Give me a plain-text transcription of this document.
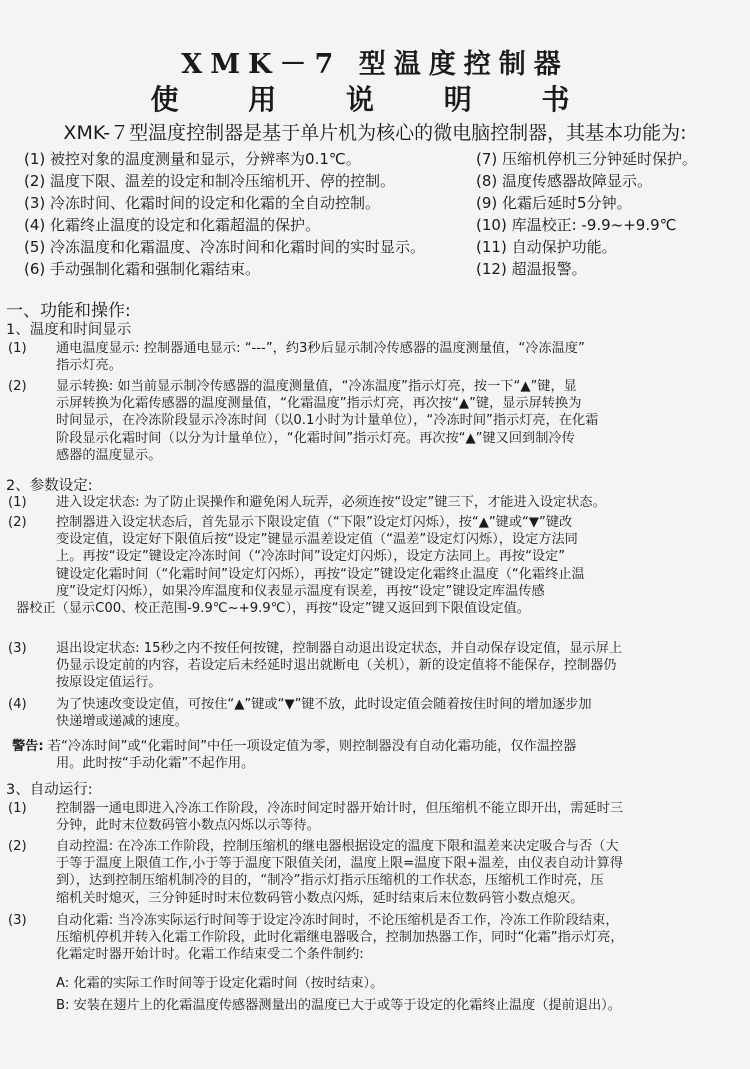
XMK－7 型温度控制器
使 用 说 明 书
XMK-７型温度控制器是基于单片机为核心的微电脑控制器，其基本功能为:
(1) 被控对象的温度测量和显示，分辨率为0.1℃。
(2) 温度下限、温差的设定和制冷压缩机开、停的控制。
(3) 冷冻时间、化霜时间的设定和化霜的全自动控制。
(4) 化霜终止温度的设定和化霜超温的保护。
(5) 冷冻温度和化霜温度、冷冻时间和化霜时间的实时显示。
(6) 手动强制化霜和强制化霜结束。
(7) 压缩机停机三分钟延时保护。
(8) 温度传感器故障显示。
(9) 化霜后延时5分钟。
(10) 库温校正: -9.9~+9.9℃
(11) 自动保护功能。
(12) 超温报警。
一、功能和操作:
1、温度和时间显示
(1) 通电温度显示: 控制器通电显示: “---”，约3秒后显示制冷传感器的温度测量值，“冷冻温度”
指示灯亮。
(2) 显示转换: 如当前显示制冷传感器的温度测量值，“冷冻温度”指示灯亮，按一下“▲”键，显
示屏转换为化霜传感器的温度测量值，“化霜温度”指示灯亮，再次按“▲”键，显示屏转换为
时间显示，在冷冻阶段显示冷冻时间（以0.1小时为计量单位），“冷冻时间”指示灯亮，在化霜
阶段显示化霜时间（以分为计量单位），“化霜时间”指示灯亮。再次按“▲”键又回到制冷传
感器的温度显示。
2、参数设定:
(1) 进入设定状态: 为了防止误操作和避免闲人玩弄，必须连按“设定”键三下，才能进入设定状态。
(2) 控制器进入设定状态后，首先显示下限设定值（“下限”设定灯闪烁），按“▲”键或“▼”键改
变设定值，设定好下限值后按“设定”键显示温差设定值（“温差”设定灯闪烁），设定方法同
上。再按“设定”键设定冷冻时间（“冷冻时间”设定灯闪烁），设定方法同上。再按“设定”
键设定化霜时间（“化霜时间”设定灯闪烁），再按“设定”键设定化霜终止温度（“化霜终止温
度”设定灯闪烁），如果冷库温度和仪表显示温度有误差，再按“设定”键设定库温传感
器校正（显示C00、校正范围-9.9℃~+9.9℃），再按“设定”键又返回到下限值设定值。
(3) 退出设定状态: 15秒之内不按任何按键，控制器自动退出设定状态，并自动保存设定值，显示屏上
仍显示设定前的内容，若设定后未经延时退出就断电（关机），新的设定值将不能保存，控制器仍
按原设定值运行。
(4) 为了快速改变设定值，可按住“▲”键或“▼”键不放，此时设定值会随着按住时间的增加逐步加
快递增或递减的速度。
警告: 若“冷冻时间”或“化霜时间”中任一项设定值为零，则控制器没有自动化霜功能，仅作温控器
用。此时按“手动化霜”不起作用。
3、自动运行:
(1) 控制器一通电即进入冷冻工作阶段，冷冻时间定时器开始计时，但压缩机不能立即开出，需延时三
分钟，此时末位数码管小数点闪烁以示等待。
(2) 自动控温: 在冷冻工作阶段，控制压缩机的继电器根据设定的温度下限和温差来决定吸合与否（大
于等于温度上限值工作,小于等于温度下限值关闭，温度上限=温度下限+温差，由仪表自动计算得
到），达到控制压缩机制冷的目的，“制冷”指示灯指示压缩机的工作状态，压缩机工作时亮，压
缩机关时熄灭，三分钟延时时末位数码管小数点闪烁，延时结束后末位数码管小数点熄灭。
(3) 自动化霜: 当冷冻实际运行时间等于设定冷冻时间时，不论压缩机是否工作，冷冻工作阶段结束，
压缩机停机并转入化霜工作阶段，此时化霜继电器吸合，控制加热器工作，同时“化霜”指示灯亮，
化霜定时器开始计时。化霜工作结束受二个条件制约:
A: 化霜的实际工作时间等于设定化霜时间（按时结束）。
B: 安装在翅片上的化霜温度传感器测量出的温度已大于或等于设定的化霜终止温度（提前退出）。
